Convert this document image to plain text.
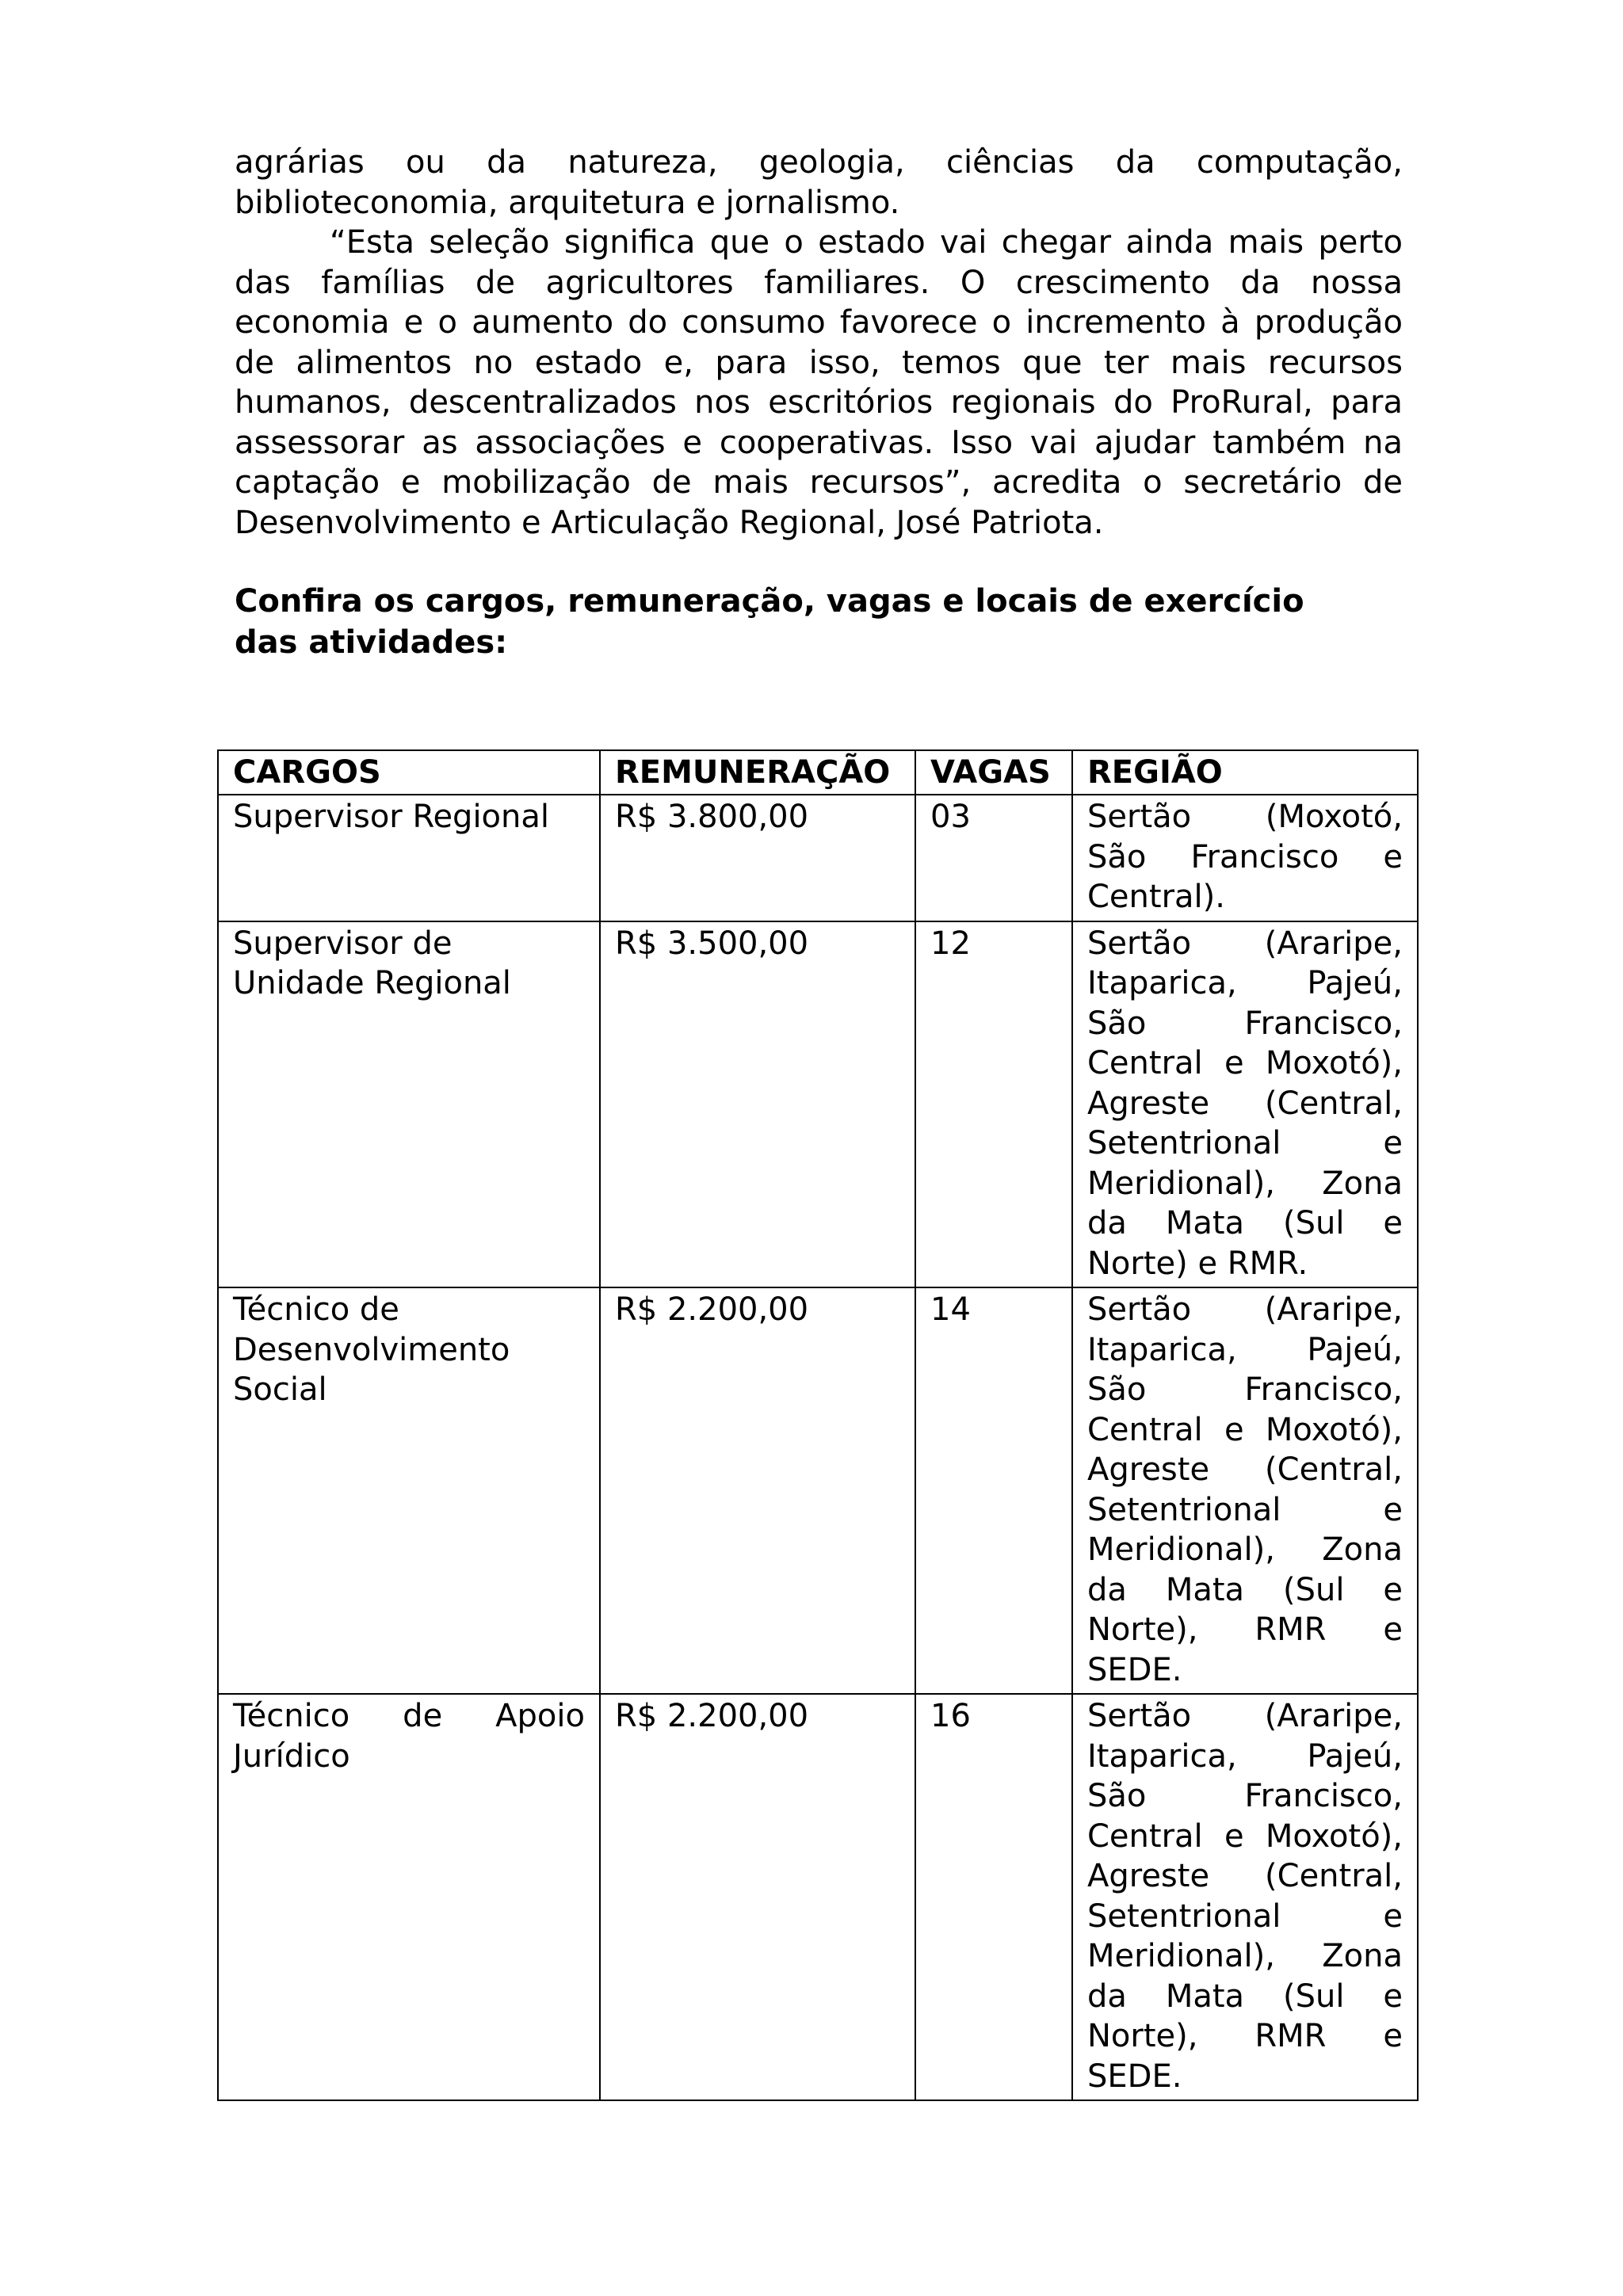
agrárias ou da natureza, geologia, ciências da computação, biblioteconomia, arquitetura e jornalismo.

“Esta seleção significa que o estado vai chegar ainda mais perto das famílias de agricultores familiares. O crescimento da nossa economia e o aumento do consumo favorece o incremento à produção de alimentos no estado e, para isso, temos que ter mais recursos humanos, descentralizados nos escritórios regionais do ProRural, para assessorar as associações e cooperativas. Isso vai ajudar também na captação e mobilização de mais recursos”, acredita o secretário de Desenvolvimento e Articulação Regional, José Patriota.

Confira os cargos, remuneração, vagas e locais de exercício das atividades:
CARGOS	REMUNERAÇÃO	VAGAS	REGIÃO
Supervisor Regional	R$ 3.800,00	03	Sertão (Moxotó, São Francisco e Central).
Supervisor de Unidade Regional	R$ 3.500,00	12	Sertão (Araripe, Itaparica, Pajeú, São Francisco, Central e Moxotó), Agreste (Central, Setentrional e Meridional), Zona da Mata (Sul e Norte) e RMR.
Técnico de Desenvolvimento Social	R$ 2.200,00	14	Sertão (Araripe, Itaparica, Pajeú, São Francisco, Central e Moxotó), Agreste (Central, Setentrional e Meridional), Zona da Mata (Sul e Norte), RMR e SEDE.
Técnico de Apoio Jurídico	R$ 2.200,00	16	Sertão (Araripe, Itaparica, Pajeú, São Francisco, Central e Moxotó), Agreste (Central, Setentrional e Meridional), Zona da Mata (Sul e Norte), RMR e SEDE.
